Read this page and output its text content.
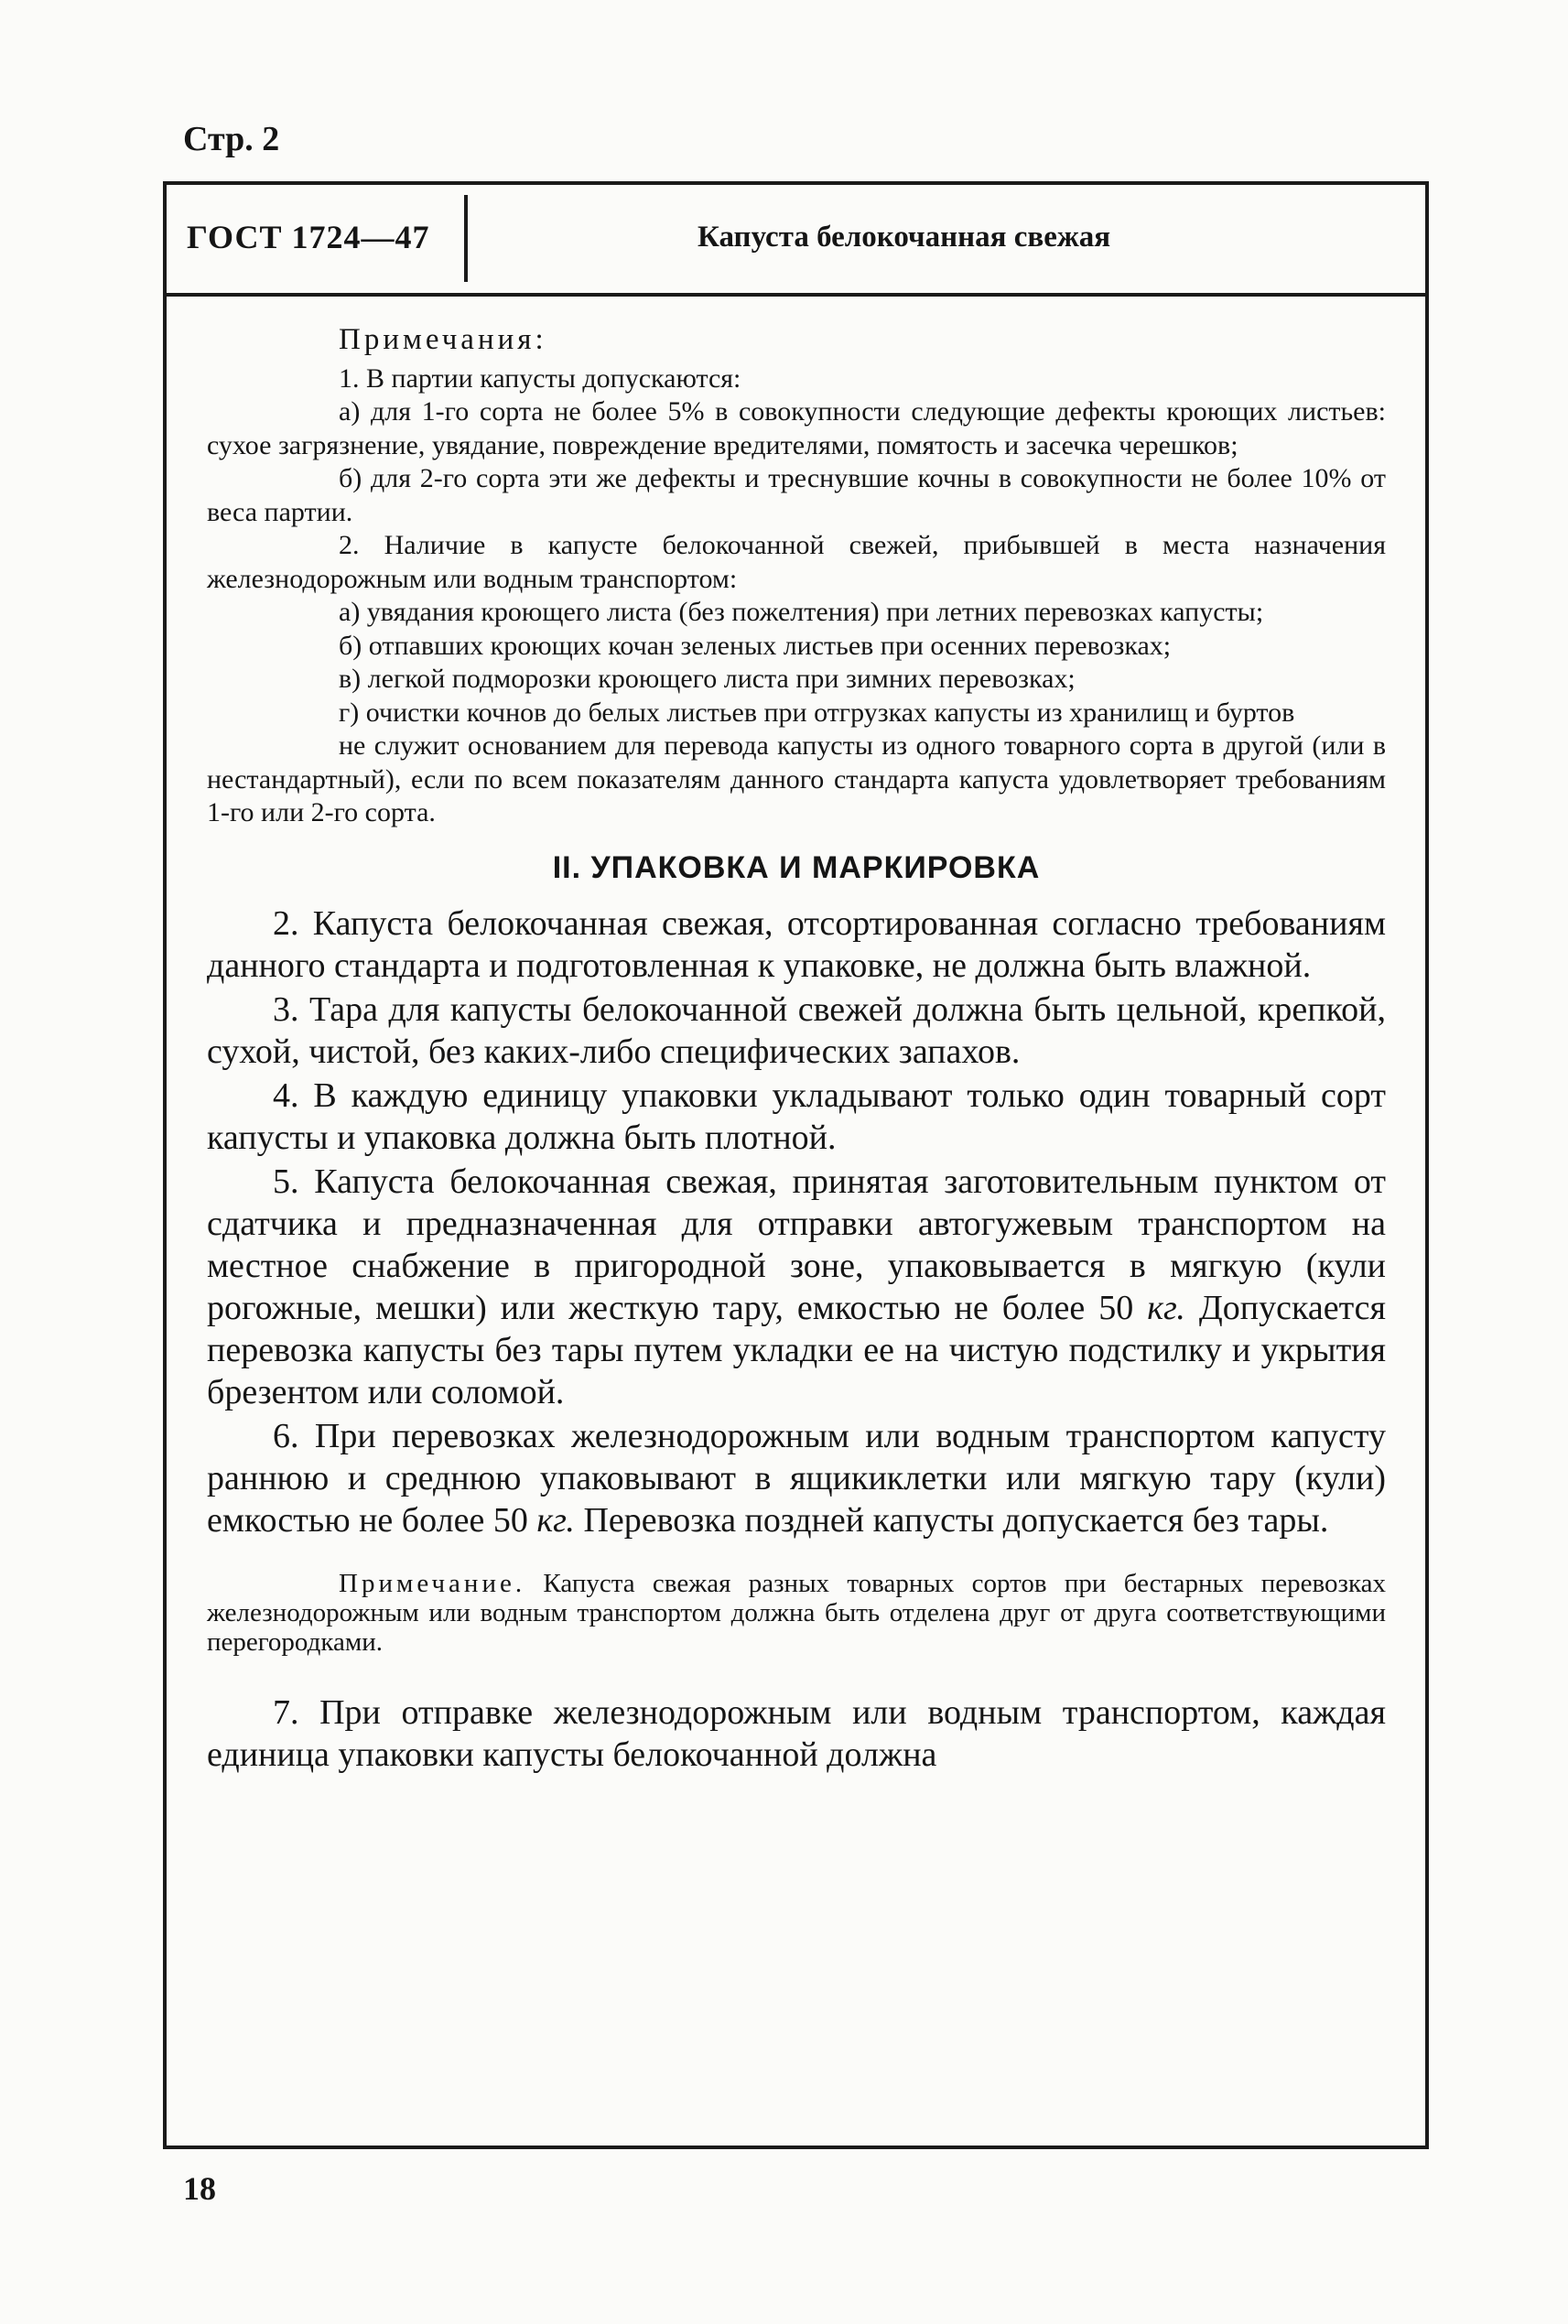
Стр. 2
ГОСТ 1724—47	Капуста белокочанная свежая
Примечания:

1. В партии капусты допускаются:

а) для 1-го сорта не более 5% в совокупности следующие дефекты кроющих листьев: сухое загрязнение, увядание, повреждение вредителями, помятость и засечка черешков;

б) для 2-го сорта эти же дефекты и треснувшие кочны в совокупности не более 10% от веса партии.

2. Наличие в капусте белокочанной свежей, прибывшей в места назначения железнодорожным или водным транспортом:

а) увядания кроющего листа (без пожелтения) при летних перевозках капусты;

б) отпавших кроющих кочан зеленых листьев при осенних перевозках;

в) легкой подморозки кроющего листа при зимних перевозках;

г) очистки кочнов до белых листьев при отгрузках капусты из хранилищ и буртов

не служит основанием для перевода капусты из одного товарного сорта в другой (или в нестандартный), если по всем показателям данного стандарта капуста удовлетворяет требованиям 1-го или 2-го сорта.

II. УПАКОВКА И МАРКИРОВКА

2. Капуста белокочанная свежая, отсортированная согласно требованиям данного стандарта и подготовленная к упаковке, не должна быть влажной.

3. Тара для капусты белокочанной свежей должна быть цельной, крепкой, сухой, чистой, без каких-либо специфических запахов.

4. В каждую единицу упаковки укладывают только один товарный сорт капусты и упаковка должна быть плотной.

5. Капуста белокочанная свежая, принятая заготовительным пунктом от сдатчика и предназначенная для отправки автогужевым транспортом на местное снабжение в пригородной зоне, упаковывается в мягкую (кули рогожные, мешки) или жесткую тару, емкостью не более 50 кг. Допускается перевозка капусты без тары путем укладки ее на чистую подстилку и укрытия брезентом или соломой.

6. При перевозках железнодорожным или водным транспортом капусту раннюю и среднюю упаковывают в ящикиклетки или мягкую тару (кули) емкостью не более 50 кг. Перевозка поздней капусты допускается без тары.

Примечание. Капуста свежая разных товарных сортов при бестарных перевозках железнодорожным или водным транспортом должна быть отделена друг от друга соответствующими перегородками.

7. При отправке железнодорожным или водным транспортом, каждая единица упаковки капусты белокочанной должна

18
